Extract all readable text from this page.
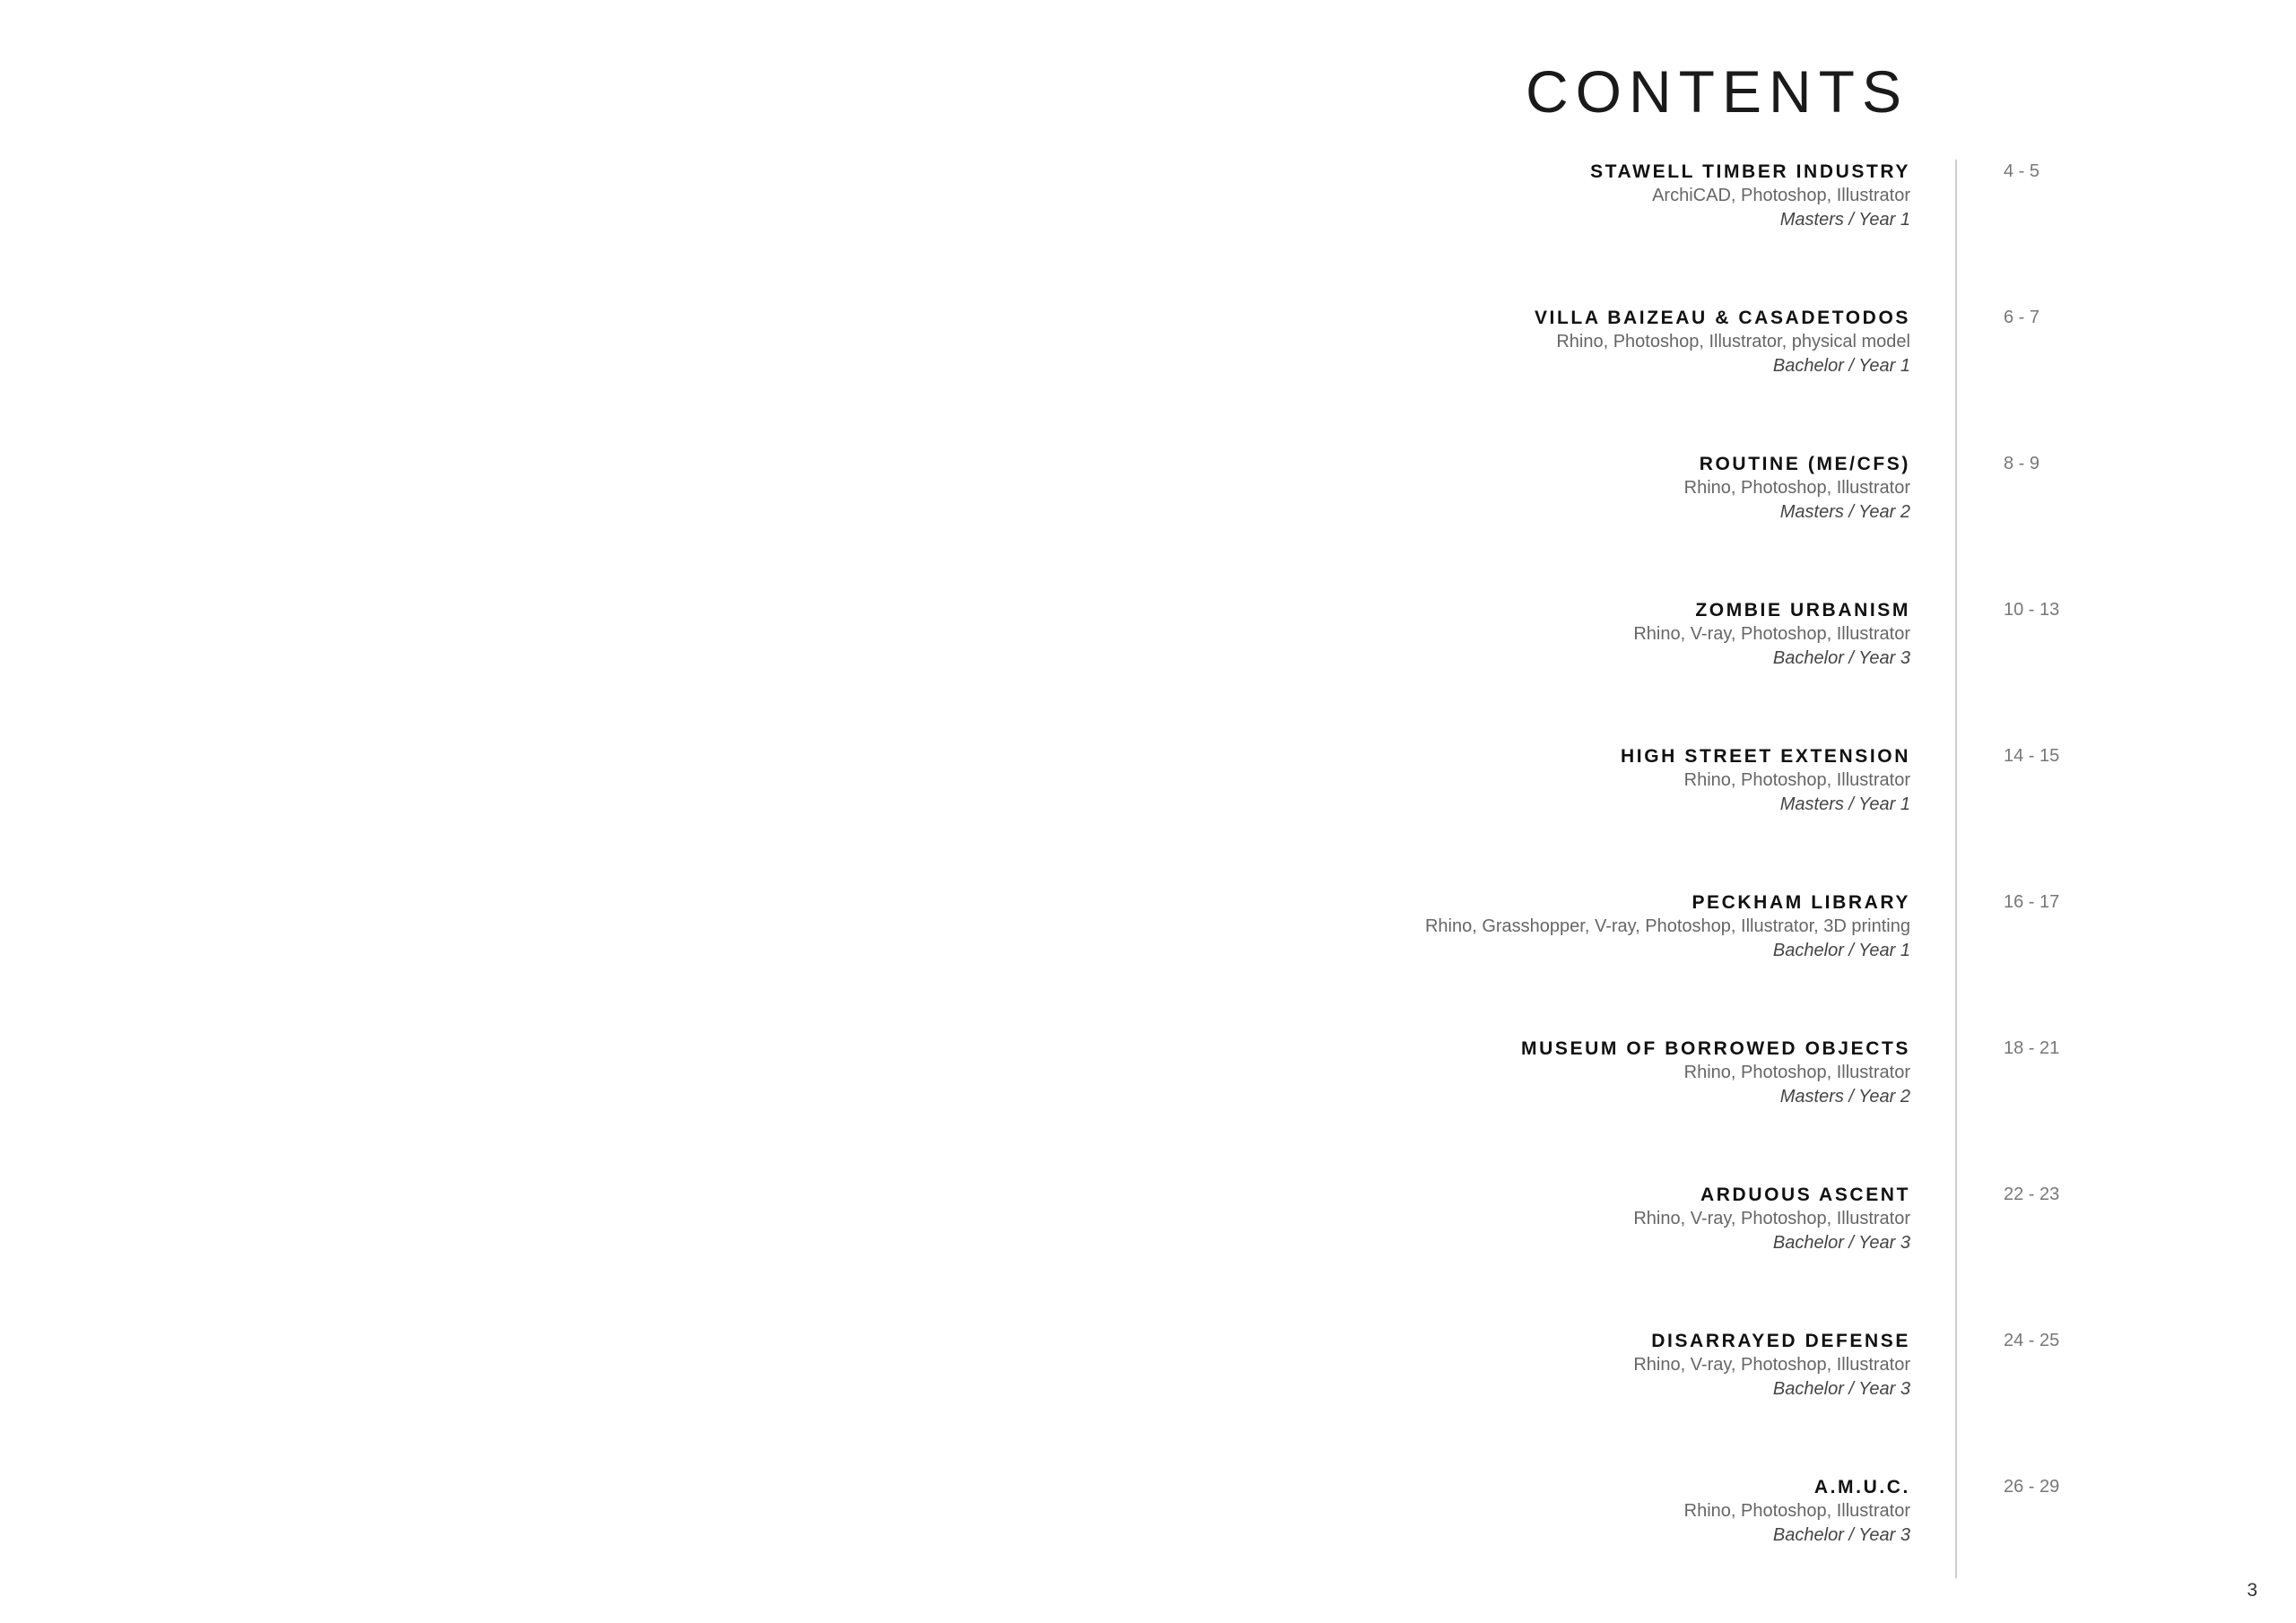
CONTENTS
STAWELL TIMBER INDUSTRY
ArchiCAD, Photoshop, Illustrator
Masters / Year 1
4 - 5
VILLA BAIZEAU & CASADETODOS
Rhino, Photoshop, Illustrator, physical model
Bachelor / Year 1
6 - 7
ROUTINE (ME/CFS)
Rhino, Photoshop, Illustrator
Masters / Year 2
8 - 9
ZOMBIE URBANISM
Rhino, V-ray, Photoshop, Illustrator
Bachelor / Year 3
10 - 13
HIGH STREET EXTENSION
Rhino, Photoshop, Illustrator
Masters / Year 1
14 - 15
PECKHAM LIBRARY
Rhino, Grasshopper, V-ray, Photoshop, Illustrator, 3D printing
Bachelor / Year 1
16 - 17
MUSEUM OF BORROWED OBJECTS
Rhino, Photoshop, Illustrator
Masters / Year 2
18 - 21
ARDUOUS ASCENT
Rhino, V-ray, Photoshop, Illustrator
Bachelor / Year 3
22 - 23
DISARRAYED DEFENSE
Rhino, V-ray, Photoshop, Illustrator
Bachelor / Year 3
24 - 25
A.M.U.C.
Rhino, Photoshop, Illustrator
Bachelor / Year 3
26 - 29
3
